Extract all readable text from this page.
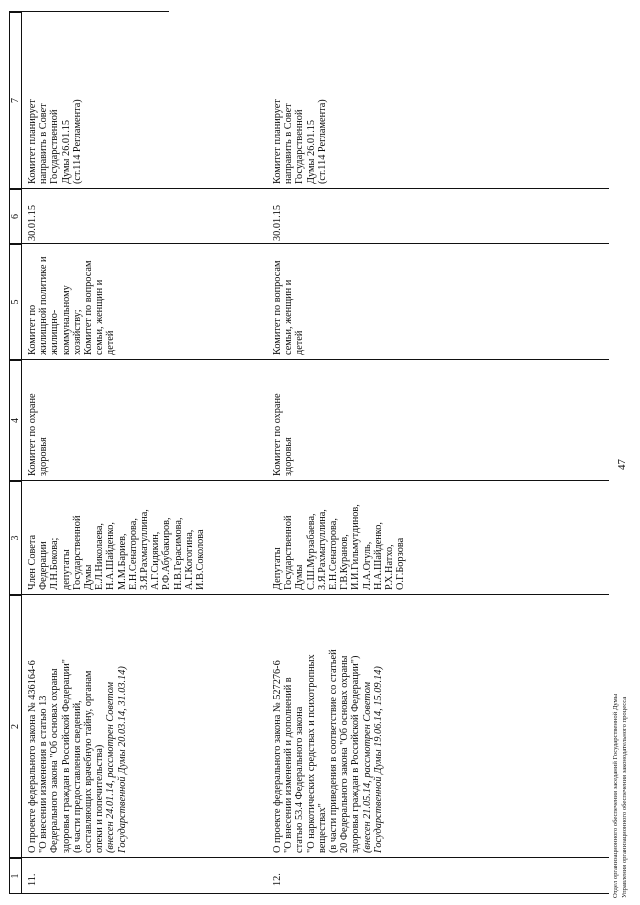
47
1
2
3
4
5
6
7
11.
О проекте федерального закона № 436164-6 "О внесении изменения в статью 13 Федерального закона "Об основах охраны здоровья граждан в Российской Федерации" (в части предоставления сведений, составляющих врачебную тайну, органам опеки и попечительства) (внесен 24.01.14, рассмотрен Советом Государственной Думы 20.03.14, 31.03.14)
Член Совета Федерации Л.Н.Бокова; депутаты Государственной Думы Е.Л.Николаева, Н.А.Шайденко, М.М.Бариев, Е.Н.Сенаторова, З.Я.Рахматуллина, А.Г.Сидякин, Р.Ф.Абубакиров, Н.В.Герасимова, А.Г.Когогина, И.В.Соколова
Комитет по охране здоровья
Комитет по жилищной политике и жилищно- коммунальному хозяйству; Комитет по вопросам семьи, женщин и детей
30.01.15
Комитет планирует направить в Совет Государственной Думы 26.01.15 (ст.114 Регламента)
12.
О проекте федерального закона № 527276-6 "О внесении изменений и дополнений в статью 53.4 Федерального закона "О наркотических средствах и психотропных веществах" (в части приведения в соответствие со статьей 20 Федерального закона "Об основах охраны здоровья граждан в Российской Федерации") (внесен 21.05.14, рассмотрен Советом Государственной Думы 19.06.14, 15.09.14)
Депутаты Государственной Думы С.Ш.Мурзабаева, З.Я.Рахматуллина, Е.Н.Сенаторова, Г.В.Куранов, И.И.Гильмутдинов, Л.А.Огуль, Н.А.Шайденко, Р.Х.Натхо, О.Г.Борзова
Комитет по охране здоровья
Комитет по вопросам семьи, женщин и детей
30.01.15
Комитет планирует направить в Совет Государственной Думы 26.01.15 (ст.114 Регламента)
Отдел организационного обеспечения заседаний Государственной Думы Управления организационного обеспечения законодательного процесса
